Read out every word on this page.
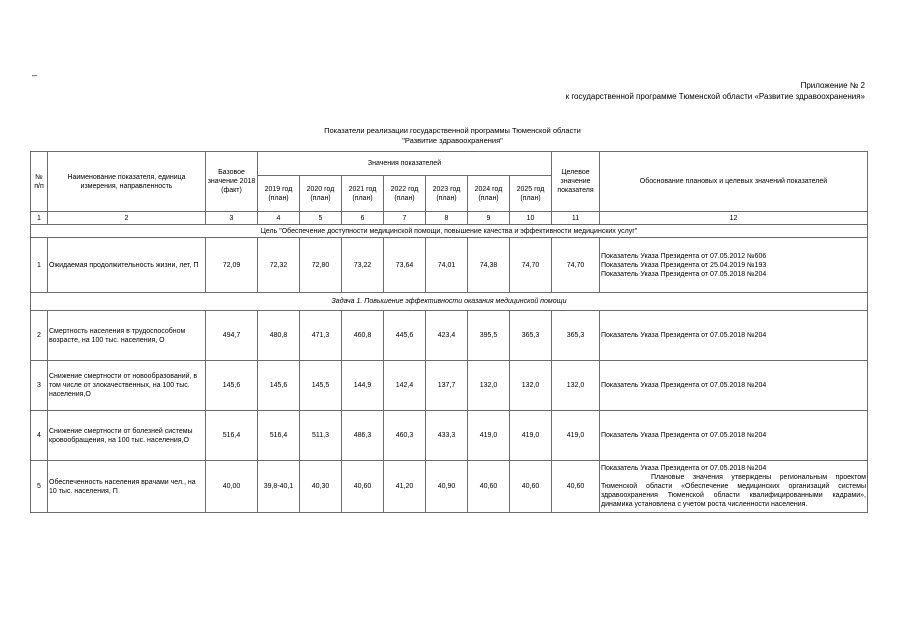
–
Приложение № 2
к государственной программе Тюменской области «Развитие здравоохранения»
Показатели реализации государственной программы Тюменской области
"Развитие здравоохранения"
№ п/п	Наименование показателя, единица измерения, направленность	Базовое значение 2018 (факт)	Значения показателей							Целевое значение показателя	Обоснование плановых и целевых значений показателей
			2019 год (план)	2020 год (план)	2021 год (план)	2022 год (план)	2023 год (план)	2024 год (план)	2025 год (план)		
1	2	3	4	5	6	7	8	9	10	11	12
Цель "Обеспечение доступности медицинской помощи, повышение качества и эффективности медицинских услуг"											
1	Ожидаемая продолжительность жизни, лет, П	72,09	72,32	72,80	73,22	73,64	74,01	74,38	74,70	74,70	Показатель Указа Президента от 07.05.2012 №606
Показатель Указа Президента от 25.04.2019 №193
Показатель Указа Президента от 07.05.2018 №204

Задача 1. Повышение эффективности оказания медицинской помощи											
2	Смертность населения в трудоспособном возрасте, на 100 тыс. населения, О	494,7	480,8	471,3	460,8	445,6	423,4	395,5	365,3	365,3	Показатель Указа Президента от 07.05.2018 №204

3	Снижение смертности от новообразований, в том числе от злокачественных, на 100 тыс. населения,О	145,6	145,6	145,5	144,9	142,4	137,7	132,0	132,0	132,0	Показатель Указа Президента от 07.05.2018 №204

4	Снижение смертности от болезней системы кровообращения, на 100 тыс. населения,О	516,4	516,4	511,3	486,3	460,3	433,3	419,0	419,0	419,0	Показатель Указа Президента от 07.05.2018 №204

5	Обеспеченность населения врачами чел., на 10 тыс. населения, П	40,00	39,8-40,1	40,30	40,60	41,20	40,90	40,60	40,60	40,60	Показатель Указа Президента от 07.05.2018 №204
Плановые значения утверждены региональным проектом Тюменской области «Обеспечение медицинских организаций системы здравоохранения Тюменской области квалифицированными кадрами», динамика установлена с учетом роста численности населения.
